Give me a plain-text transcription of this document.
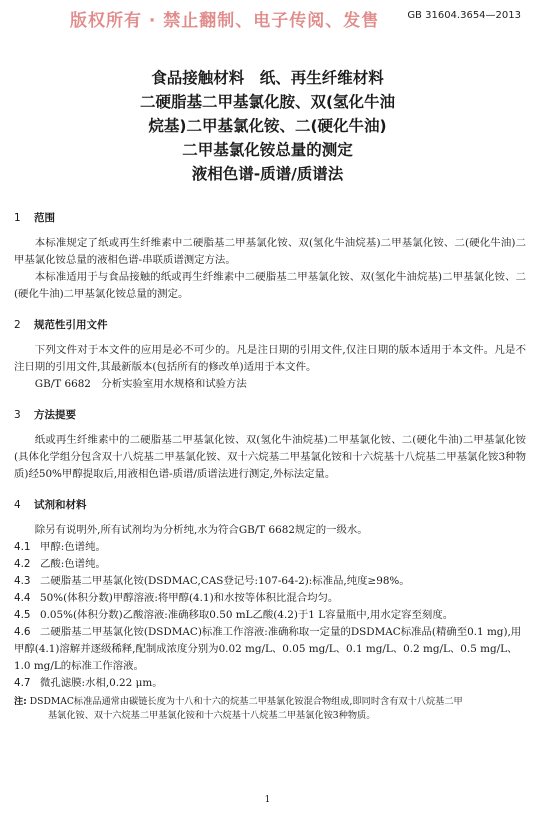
版权所有 · 禁止翻制、电子传阅、发售	GB 31604.3654—2013
食品接触材料　纸、再生纤维材料
二硬脂基二甲基氯化胺、双(氢化牛油
烷基)二甲基氯化铵、二(硬化牛油)
二甲基氯化铵总量的测定
液相色谱-质谱/质谱法

1 范围

本标准规定了纸或再生纤维素中二硬脂基二甲基氯化铵、双(氢化牛油烷基)二甲基氯化铵、二(硬化牛油)二甲基氯化铵总量的液相色谱-串联质谱测定方法。

本标准适用于与食品接触的纸或再生纤维素中二硬脂基二甲基氯化铵、双(氢化牛油烷基)二甲基氯化铵、二(硬化牛油)二甲基氯化铵总量的测定。

2 规范性引用文件

下列文件对于本文件的应用是必不可少的。凡是注日期的引用文件,仅注日期的版本适用于本文件。凡是不注日期的引用文件,其最新版本(包括所有的修改单)适用于本文件。

GB/T 6682　分析实验室用水规格和试验方法

3 方法提要

纸或再生纤维素中的二硬脂基二甲基氯化铵、双(氢化牛油烷基)二甲基氯化铵、二(硬化牛油)二甲基氯化铵(具体化学组分包含双十八烷基二甲基氯化铵、双十六烷基二甲基氯化铵和十六烷基十八烷基二甲基氯化铵3种物质)经50%甲醇提取后,用液相色谱-质谱/质谱法进行测定,外标法定量。

4 试剂和材料

除另有说明外,所有试剂均为分析纯,水为符合GB/T 6682规定的一级水。

4.1 甲醇:色谱纯。

4.2 乙酸:色谱纯。

4.3 二硬脂基二甲基氯化铵(DSDMAC,CAS登记号:107-64-2):标准品,纯度≥98%。

4.4 50%(体积分数)甲醇溶液:将甲醇(4.1)和水按等体积比混合均匀。

4.5 0.05%(体积分数)乙酸溶液:准确移取0.50 mL乙酸(4.2)于1 L容量瓶中,用水定容至刻度。

4.6 二硬脂基二甲基氯化铵(DSDMAC)标准工作溶液:准确称取一定量的DSDMAC标准品(精确至0.1 mg),用甲醇(4.1)溶解并逐级稀释,配制成浓度分别为0.02 mg/L、0.05 mg/L、0.1 mg/L、0.2 mg/L、0.5 mg/L、1.0 mg/L的标准工作溶液。

4.7 微孔滤膜:水相,0.22 μm。

注: DSDMAC标准品通常由碳链长度为十八和十六的烷基二甲基氯化铵混合物组成,即同时含有双十八烷基二甲
基氯化铵、双十六烷基二甲基氯化铵和十六烷基十八烷基二甲基氯化铵3种物质。
1
